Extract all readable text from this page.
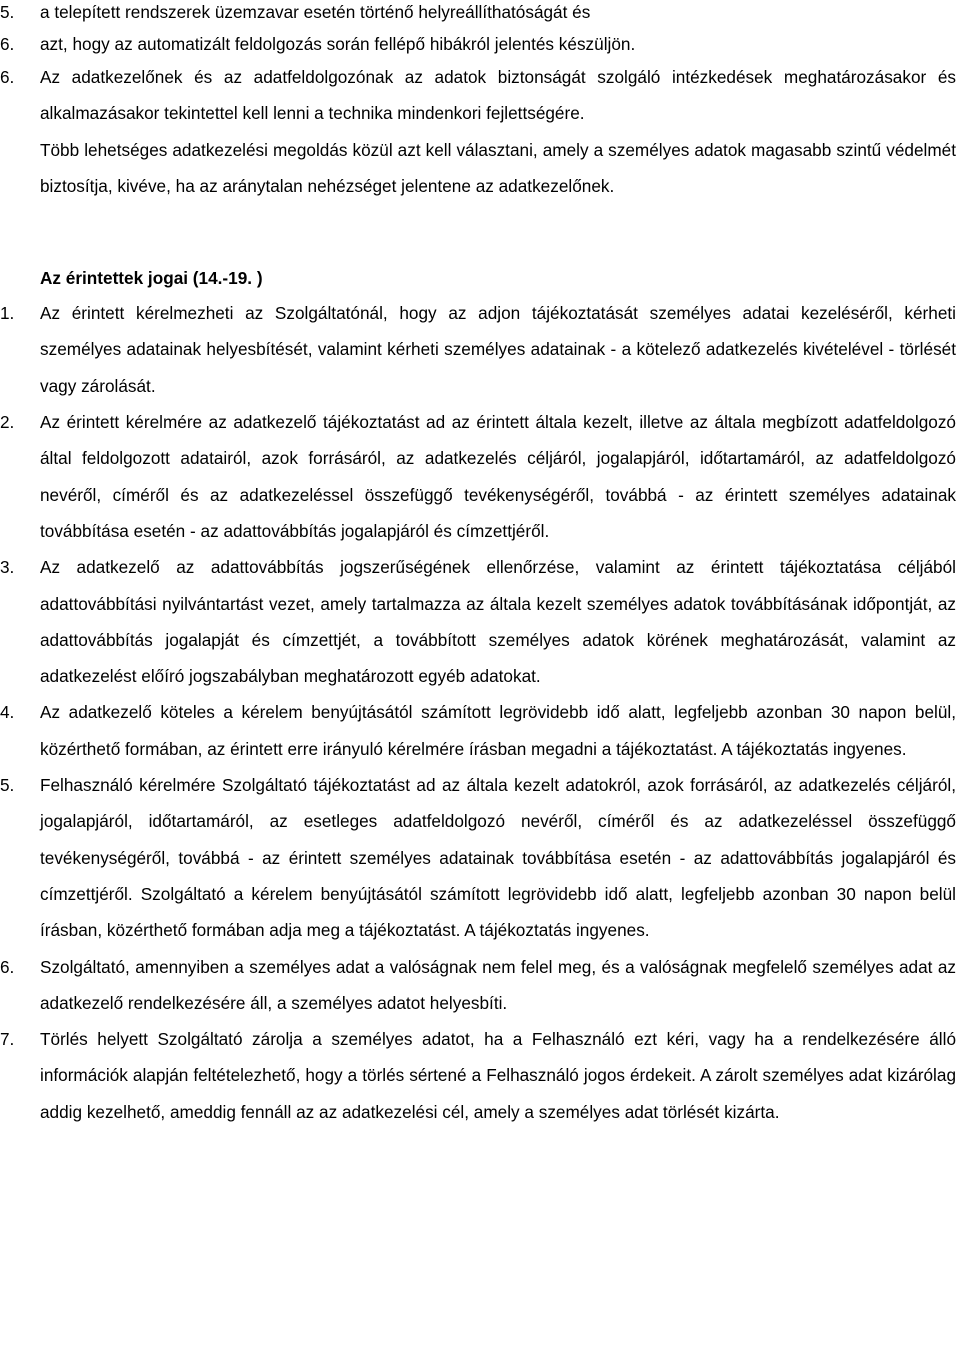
5.	a telepített rendszerek üzemzavar esetén történő helyreállíthatóságát és
6.	azt, hogy az automatizált feldolgozás során fellépő hibákról jelentés készüljön.
6.	Az adatkezelőnek és az adatfeldolgozónak az adatok biztonságát szolgáló intézkedések meghatározásakor és alkalmazásakor tekintettel kell lenni a technika mindenkori fejlettségére.
Több lehetséges adatkezelési megoldás közül azt kell választani, amely a személyes adatok magasabb szintű védelmét biztosítja, kivéve, ha az aránytalan nehézséget jelentene az adatkezelőnek.
Az érintettek jogai (14.-19. )
1.	Az érintett kérelmezheti az Szolgáltatónál, hogy az adjon tájékoztatását személyes adatai kezeléséről, kérheti személyes adatainak helyesbítését, valamint kérheti személyes adatainak - a kötelező adatkezelés kivételével - törlését vagy zárolását.
2.	Az érintett kérelmére az adatkezelő tájékoztatást ad az érintett általa kezelt, illetve az általa megbízott adatfeldolgozó által feldolgozott adatairól, azok forrásáról, az adatkezelés céljáról, jogalapjáról, időtartamáról, az adatfeldolgozó nevéről, címéről és az adatkezeléssel összefüggő tevékenységéről, továbbá - az érintett személyes adatainak továbbítása esetén - az adattovábbítás jogalapjáról és címzettjéről.
3.	Az adatkezelő az adattovábbítás jogszerűségének ellenőrzése, valamint az érintett tájékoztatása céljából adattovábbítási nyilvántartást vezet, amely tartalmazza az általa kezelt személyes adatok továbbításának időpontját, az adattovábbítás jogalapját és címzettjét, a továbbított személyes adatok körének meghatározását, valamint az adatkezelést előíró jogszabályban meghatározott egyéb adatokat.
4.	Az adatkezelő köteles a kérelem benyújtásától számított legrövidebb idő alatt, legfeljebb azonban 30 napon belül, közérthető formában, az érintett erre irányuló kérelmére írásban megadni a tájékoztatást. A tájékoztatás ingyenes.
5.	Felhasználó kérelmére Szolgáltató tájékoztatást ad az általa kezelt adatokról, azok forrásáról, az adatkezelés céljáról, jogalapjáról, időtartamáról, az esetleges adatfeldolgozó nevéről, címéről és az adatkezeléssel összefüggő tevékenységéről, továbbá - az érintett személyes adatainak továbbítása esetén - az adattovábbítás jogalapjáról és címzettjéről. Szolgáltató a kérelem benyújtásától számított legrövidebb idő alatt, legfeljebb azonban 30 napon belül írásban, közérthető formában adja meg a tájékoztatást. A tájékoztatás ingyenes.
6.	Szolgáltató, amennyiben a személyes adat a valóságnak nem felel meg, és a valóságnak megfelelő személyes adat az adatkezelő rendelkezésére áll, a személyes adatot helyesbíti.
7.	Törlés helyett Szolgáltató zárolja a személyes adatot, ha a Felhasználó ezt kéri, vagy ha a rendelkezésére álló információk alapján feltételezhető, hogy a törlés sértené a Felhasználó jogos érdekeit. A zárolt személyes adat kizárólag addig kezelhető, ameddig fennáll az az adatkezelési cél, amely a személyes adat törlését kizárta.
